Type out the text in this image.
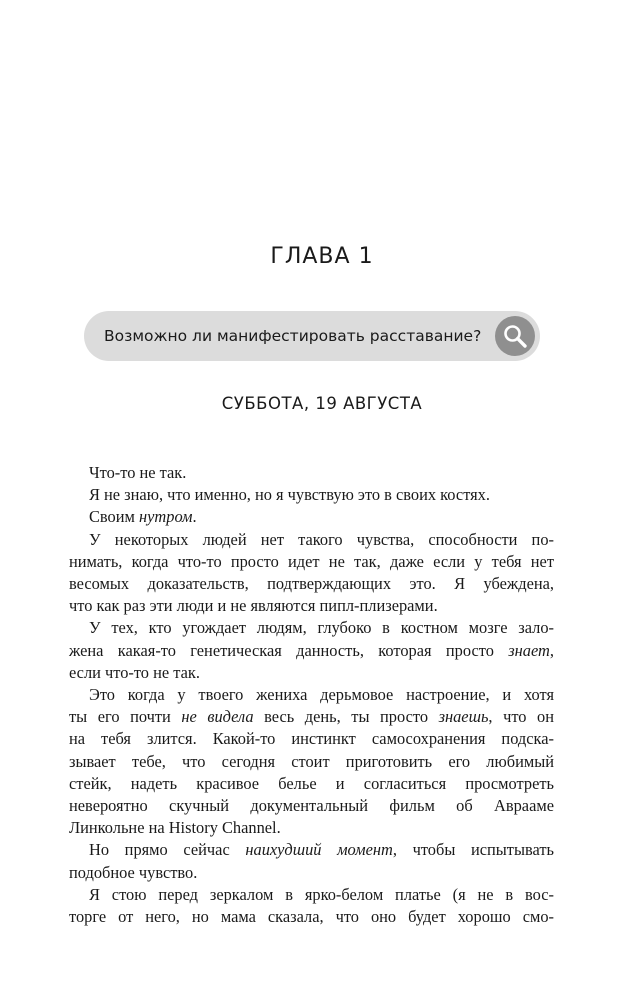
ГЛАВА 1
Возможно ли манифестировать расставание?
СУББОТА, 19 АВГУСТА

Что-то не так.

Я не знаю, что именно, но я чувствую это в своих костях.

Своим нутром.

У некоторых людей нет такого чувства, способности по-
нимать, когда что-то просто идет не так, даже если у тебя нет
весомых доказательств, подтверждающих это. Я убеждена,
что как раз эти люди и не являются пипл-плизерами.

У тех, кто угождает людям, глубоко в костном мозге зало-
жена какая-то генетическая данность, которая просто знает,
если что-то не так.

Это когда у твоего жениха дерьмовое настроение, и хотя
ты его почти не видела весь день, ты просто знаешь, что он
на тебя злится. Какой-то инстинкт самосохранения подска-
зывает тебе, что сегодня стоит приготовить его любимый
стейк, надеть красивое белье и согласиться просмотреть
невероятно скучный документальный фильм об Аврааме
Линкольне на History Channel.

Но прямо сейчас наихудший момент, чтобы испытывать
подобное чувство.

Я стою перед зеркалом в ярко-белом платье (я не в вос-
торге от него, но мама сказала, что оно будет хорошо смо-
